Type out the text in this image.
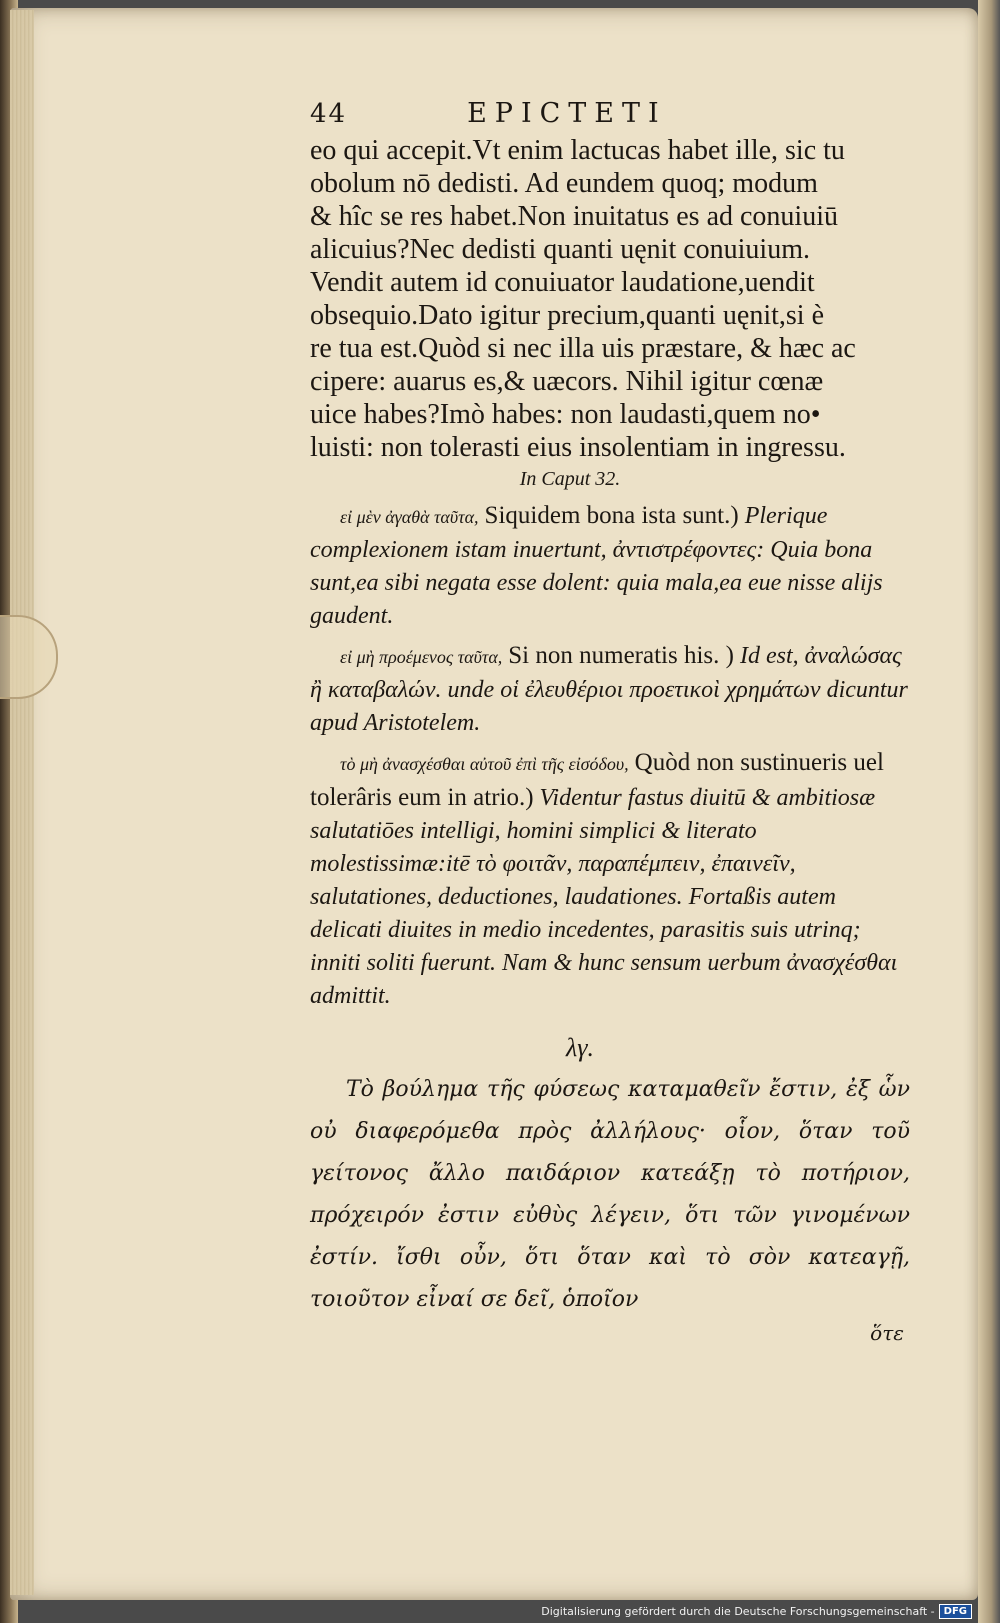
44	EPICTETI

eo qui accepit.Vt enim lactucas habet ille, sic tu

obolum nō dedisti. Ad eundem quoq; modum

& hîc se res habet.Non inuitatus es ad conuiuiū

alicuius?Nec dedisti quanti uęnit conuiuium.

Vendit autem id conuiuator laudatione,uendit

obsequio.Dato igitur precium,quanti uęnit,si è

re tua est.Quòd si nec illa uis præstare, & hæc ac

cipere: auarus es,& uæcors. Nihil igitur cœnæ

uice habes?Imò habes: non laudasti,quem no•

luisti: non tolerasti eius insolentiam in ingressu.

In Caput 32.

εἰ μὲν ἀγαθὰ ταῦτα, Siquidem bona ista sunt.) Plerique complexionem istam inuertunt, ἀντιστρέφοντες: Quia bona sunt,ea sibi negata esse dolent: quia mala,ea eue nisse alijs gaudent.

εἰ μὴ προέμενος ταῦτα, Si non numeratis his. ) Id est, ἀναλώσας ἢ καταβαλών. unde οἱ ἐλευθέριοι προετικοὶ χρημάτων dicuntur apud Aristotelem.

τὸ μὴ ἀνασχέσθαι αὐτοῦ ἐπὶ τῆς εἰσόδου, Quòd non sustinueris uel tolerâris eum in atrio.) Videntur fastus diuitū & ambitiosæ salutatiōes intelligi, homini simplici & literato molestissimæ:itē τὸ φοιτᾶν, παραπέμπειν, ἐπαινεῖν, salutationes, deductiones, laudationes. Fortaßis autem delicati diuites in medio incedentes, parasitis suis utrinq; inniti soliti fuerunt. Nam & hunc sensum uerbum ἀνασχέσθαι admittit.

λγ.

Τὸ βούλημα τῆς φύσεως καταμαθεῖν ἔστιν, ἐξ ὧν οὐ διαφερόμεθα πρὸς ἀλλήλους· οἷον, ὅταν τοῦ γείτονος ἄλλο παιδάριον κατεάξῃ τὸ ποτήριον, πρόχειρόν ἐστιν εὐθὺς λέγειν, ὅτι τῶν γινομένων ἐστίν. ἴσθι οὖν, ὅτι ὅταν καὶ τὸ σὸν κατεαγῇ, τοιοῦτον εἶναί σε δεῖ, ὁποῖον

ὅτε

Digitalisierung gefördert durch die Deutsche Forschungsgemeinschaft - DFG
